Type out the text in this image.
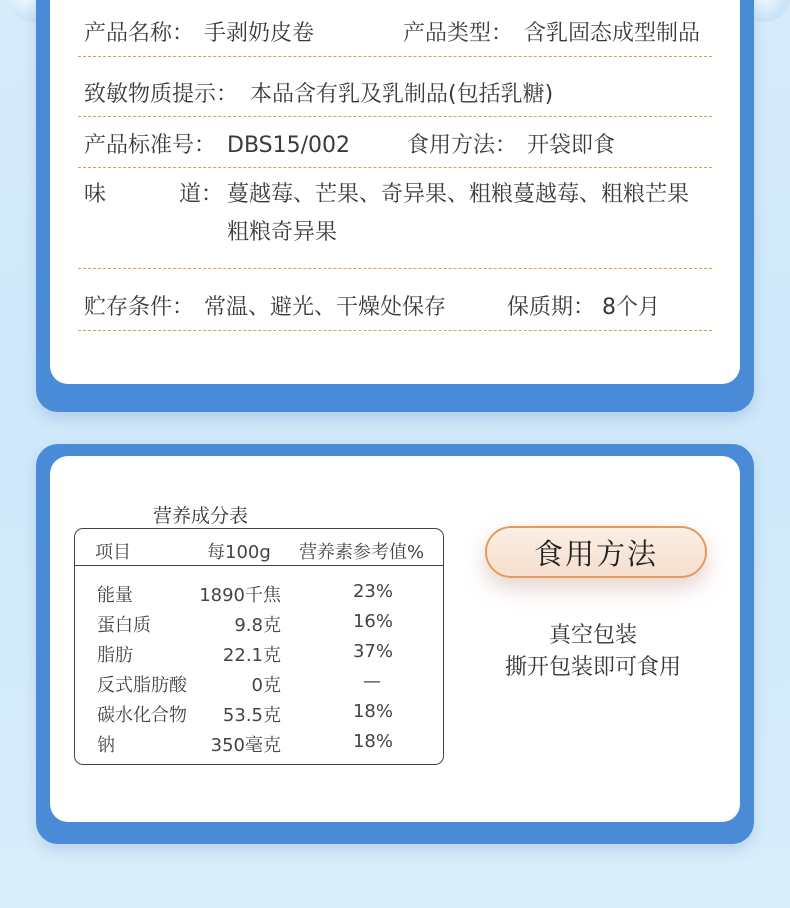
产品名称： 手剥奶皮卷	产品类型： 含乳固态成型制品
致敏物质提示： 本品含有乳及乳制品(包括乳糖)
产品标准号： DBS15/002	食用方法： 开袋即食
味	道： 蔓越莓、芒果、奇异果、粗粮蔓越莓、粗粮芒果
粗粮奇异果
贮存条件： 常温、避光、干燥处保存	保质期： 8个月
营养成分表
项目	每100g 营养素参考值%
能量	1890千焦	23%
蛋白质	9.8克	16%
脂肪	22.1克	37%
反式脂肪酸	0克	—
碳水化合物 53.5克	18%
钠	350毫克	18%
食用方法
真空包装
撕开包装即可食用
